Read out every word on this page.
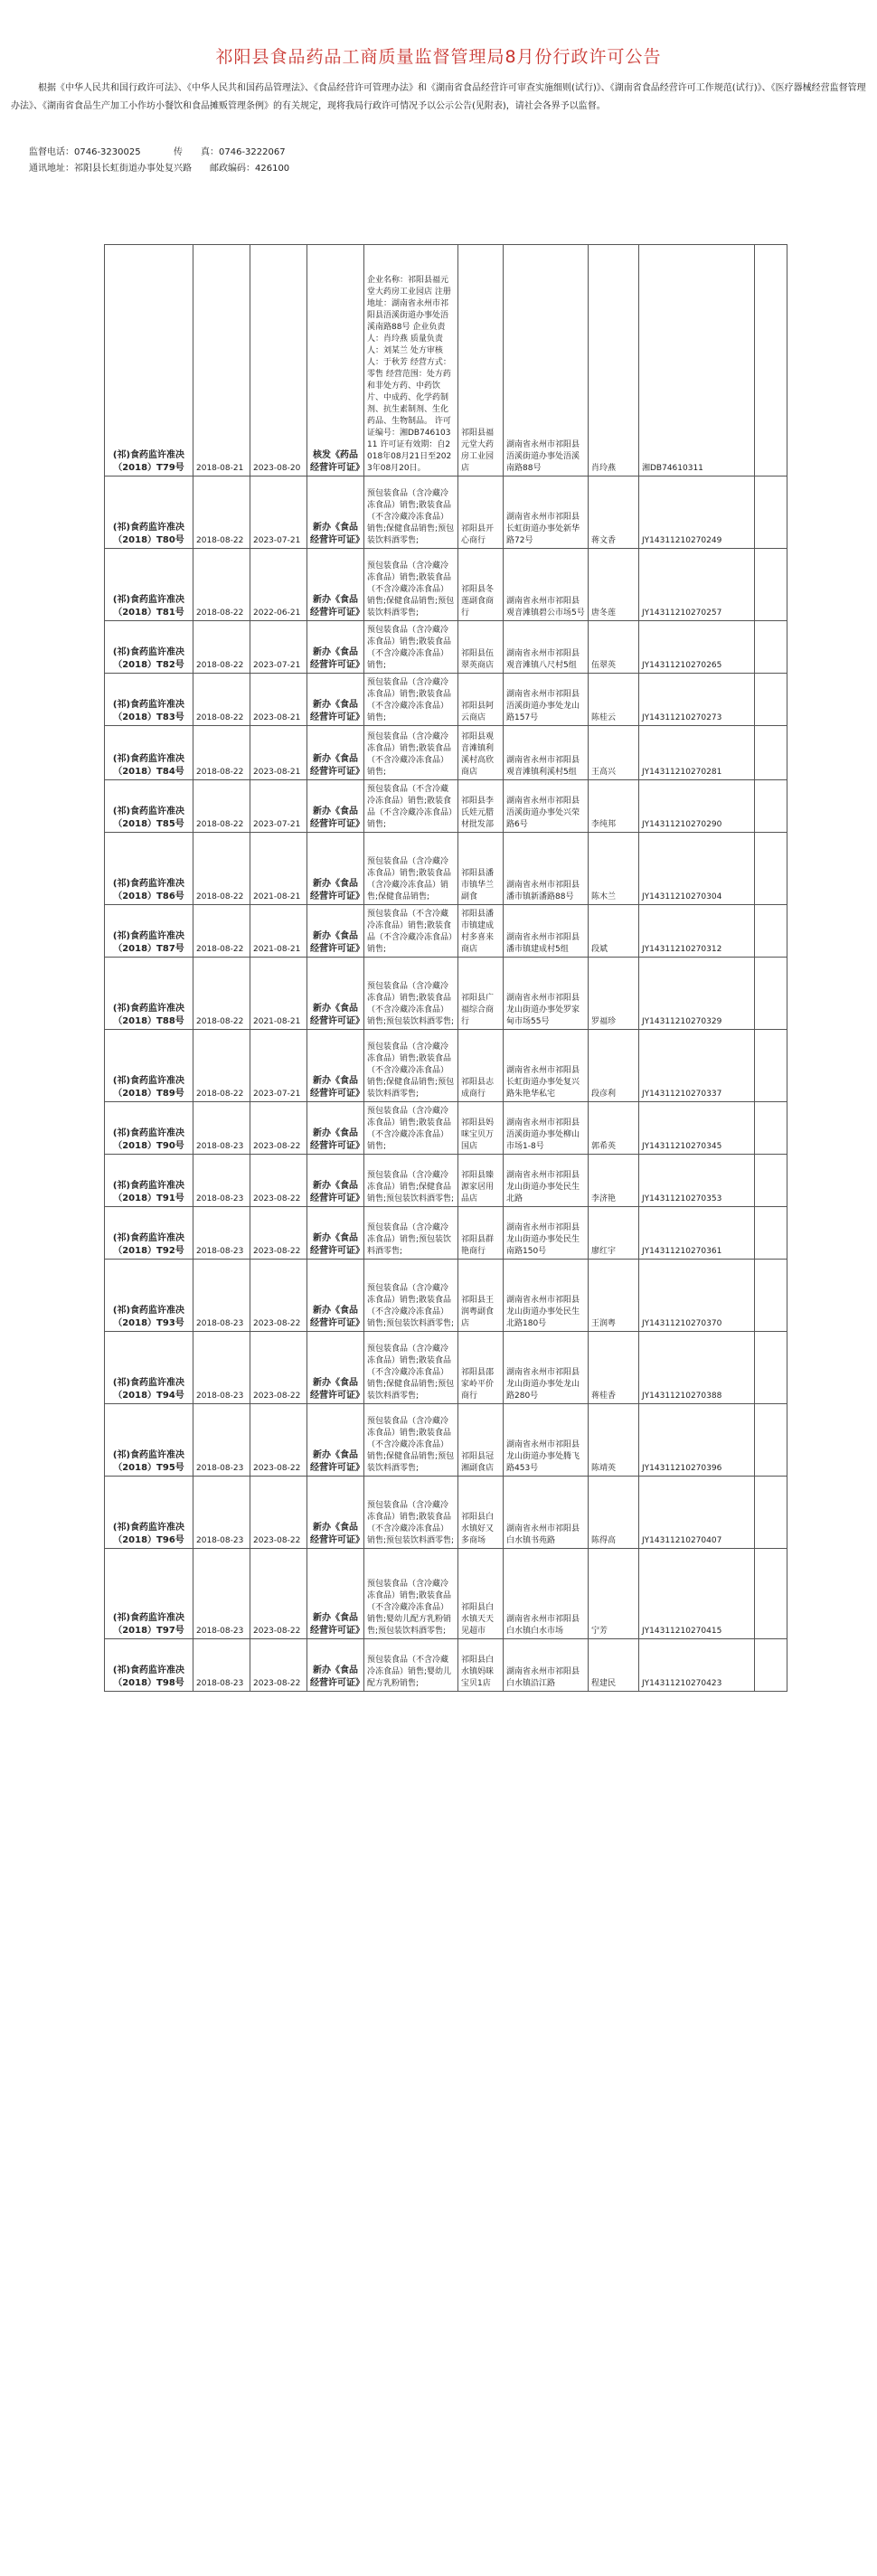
祁阳县食品药品工商质量监督管理局8月份行政许可公告
根据《中华人民共和国行政许可法》、《中华人民共和国药品管理法》、《食品经营许可管理办法》和《湖南省食品经营许可审查实施细则(试行)》、《湖南省食品经营许可工作规范(试行)》、《医疗器械经营监督管理办法》、《湖南省食品生产加工小作坊小餐饮和食品摊贩管理条例》的有关规定，现将我局行政许可情况予以公示公告(见附表)，请社会各界予以监督。
监督电话：0746-3230025	传　　真：0746-3222067
通讯地址：祁阳县长虹街道办事处复兴路 邮政编码：426100
(祁)食药监许准决（2018）T79号	2018-08-21	2023-08-20	核发《药品经营许可证》	企业名称：祁阳县福元堂大药房工业园店 注册地址：湖南省永州市祁阳县浯溪街道办事处浯溪南路88号 企业负责人：肖玲燕 质量负责人：刘某兰 处方审核人：于秋芳 经营方式：零售 经营范围：处方药和非处方药、中药饮片、中成药、化学药制剂、抗生素制剂、生化药品、生物制品。 许可证编号：湘DB74610311 许可证有效期：自2018年08月21日至2023年08月20日。	祁阳县福元堂大药房工业园店	湖南省永州市祁阳县浯溪街道办事处浯溪南路88号	肖玲燕	湘DB74610311	
(祁)食药监许准决（2018）T80号	2018-08-22	2023-07-21	新办《食品经营许可证》	预包装食品（含冷藏冷冻食品）销售;散装食品（不含冷藏冷冻食品）销售;保健食品销售;预包装饮料酒零售;	祁阳县开心商行	湖南省永州市祁阳县长虹街道办事处新华路72号	蒋文香	JY14311210270249	
(祁)食药监许准决（2018）T81号	2018-08-22	2022-06-21	新办《食品经营许可证》	预包装食品（含冷藏冷冻食品）销售;散装食品（不含冷藏冷冻食品）销售;保健食品销售;预包装饮料酒零售;	祁阳县冬莲副食商行	湖南省永州市祁阳县观音滩镇碧公市场5号	唐冬莲	JY14311210270257	
(祁)食药监许准决（2018）T82号	2018-08-22	2023-07-21	新办《食品经营许可证》	预包装食品（含冷藏冷冻食品）销售;散装食品（不含冷藏冷冻食品）销售;	祁阳县伍翠英商店	湖南省永州市祁阳县观音滩镇八尺村5组	伍翠英	JY14311210270265	
(祁)食药监许准决（2018）T83号	2018-08-22	2023-08-21	新办《食品经营许可证》	预包装食品（含冷藏冷冻食品）销售;散装食品（不含冷藏冷冻食品）销售;	祁阳县阿云商店	湖南省永州市祁阳县浯溪街道办事处龙山路157号	陈桂云	JY14311210270273	
(祁)食药监许准决（2018）T84号	2018-08-22	2023-08-21	新办《食品经营许可证》	预包装食品（含冷藏冷冻食品）销售;散装食品（不含冷藏冷冻食品）销售;	祁阳县观音滩镇利溪村高欣商店	湖南省永州市祁阳县观音滩镇利溪村5组	王高兴	JY14311210270281	
(祁)食药监许准决（2018）T85号	2018-08-22	2023-07-21	新办《食品经营许可证》	预包装食品（不含冷藏冷冻食品）销售;散装食品（不含冷藏冷冻食品）销售;	祁阳县李氏娃元腊材批发部	湖南省永州市祁阳县浯溪街道办事处兴荣路6号	李纯邦	JY14311210270290	
(祁)食药监许准决（2018）T86号	2018-08-22	2021-08-21	新办《食品经营许可证》	预包装食品（含冷藏冷冻食品）销售;散装食品（含冷藏冷冻食品）销售;保健食品销售;	祁阳县潘市镇华兰副食	湖南省永州市祁阳县潘市镇新潘路88号	陈木兰	JY14311210270304	
(祁)食药监许准决（2018）T87号	2018-08-22	2021-08-21	新办《食品经营许可证》	预包装食品（不含冷藏冷冻食品）销售;散装食品（不含冷藏冷冻食品）销售;	祁阳县潘市镇建成村多喜来商店	湖南省永州市祁阳县潘市镇建成村5组	段斌	JY14311210270312	
(祁)食药监许准决（2018）T88号	2018-08-22	2021-08-21	新办《食品经营许可证》	预包装食品（含冷藏冷冻食品）销售;散装食品（不含冷藏冷冻食品）销售;预包装饮料酒零售;	祁阳县广福综合商行	湖南省永州市祁阳县龙山街道办事处罗家甸市场55号	罗福珍	JY14311210270329	
(祁)食药监许准决（2018）T89号	2018-08-22	2023-07-21	新办《食品经营许可证》	预包装食品（含冷藏冷冻食品）销售;散装食品（不含冷藏冷冻食品）销售;保健食品销售;预包装饮料酒零售;	祁阳县志成商行	湖南省永州市祁阳县长虹街道办事处复兴路朱艳华私宅	段彦利	JY14311210270337	
(祁)食药监许准决（2018）T90号	2018-08-23	2023-08-22	新办《食品经营许可证》	预包装食品（含冷藏冷冻食品）销售;散装食品（不含冷藏冷冻食品）销售;	祁阳县妈咪宝贝万国店	湖南省永州市祁阳县浯溪街道办事处柳山市场1-8号	郭希英	JY14311210270345	
(祁)食药监许准决（2018）T91号	2018-08-23	2023-08-22	新办《食品经营许可证》	预包装食品（含冷藏冷冻食品）销售;保健食品销售;预包装饮料酒零售;	祁阳县臻源家居用品店	湖南省永州市祁阳县龙山街道办事处民生北路	李济艳	JY14311210270353	
(祁)食药监许准决（2018）T92号	2018-08-23	2023-08-22	新办《食品经营许可证》	预包装食品（含冷藏冷冻食品）销售;预包装饮料酒零售;	祁阳县群艳商行	湖南省永州市祁阳县龙山街道办事处民生南路150号	廖红宇	JY14311210270361	
(祁)食药监许准决（2018）T93号	2018-08-23	2023-08-22	新办《食品经营许可证》	预包装食品（含冷藏冷冻食品）销售;散装食品（不含冷藏冷冻食品）销售;预包装饮料酒零售;	祁阳县王润粤副食店	湖南省永州市祁阳县龙山街道办事处民生北路180号	王润粤	JY14311210270370	
(祁)食药监许准决（2018）T94号	2018-08-23	2023-08-22	新办《食品经营许可证》	预包装食品（含冷藏冷冻食品）销售;散装食品（不含冷藏冷冻食品）销售;保健食品销售;预包装饮料酒零售;	祁阳县邵家岭平价商行	湖南省永州市祁阳县龙山街道办事处龙山路280号	蒋桂香	JY14311210270388	
(祁)食药监许准决（2018）T95号	2018-08-23	2023-08-22	新办《食品经营许可证》	预包装食品（含冷藏冷冻食品）销售;散装食品（不含冷藏冷冻食品）销售;保健食品销售;预包装饮料酒零售;	祁阳县冠湘副食店	湖南省永州市祁阳县龙山街道办事处腾飞路453号	陈靖英	JY14311210270396	
(祁)食药监许准决（2018）T96号	2018-08-23	2023-08-22	新办《食品经营许可证》	预包装食品（含冷藏冷冻食品）销售;散装食品（不含冷藏冷冻食品）销售;预包装饮料酒零售;	祁阳县白水镇好又多商场	湖南省永州市祁阳县白水镇书苑路	陈得高	JY14311210270407	
(祁)食药监许准决（2018）T97号	2018-08-23	2023-08-22	新办《食品经营许可证》	预包装食品（含冷藏冷冻食品）销售;散装食品（不含冷藏冷冻食品）销售;婴幼儿配方乳粉销售;预包装饮料酒零售;	祁阳县白水镇天天见超市	湖南省永州市祁阳县白水镇白水市场	宁芳	JY14311210270415	
(祁)食药监许准决（2018）T98号	2018-08-23	2023-08-22	新办《食品经营许可证》	预包装食品（不含冷藏冷冻食品）销售;婴幼儿配方乳粉销售;	祁阳县白水镇妈咪宝贝1店	湖南省永州市祁阳县白水镇沿江路	程建民	JY14311210270423	
